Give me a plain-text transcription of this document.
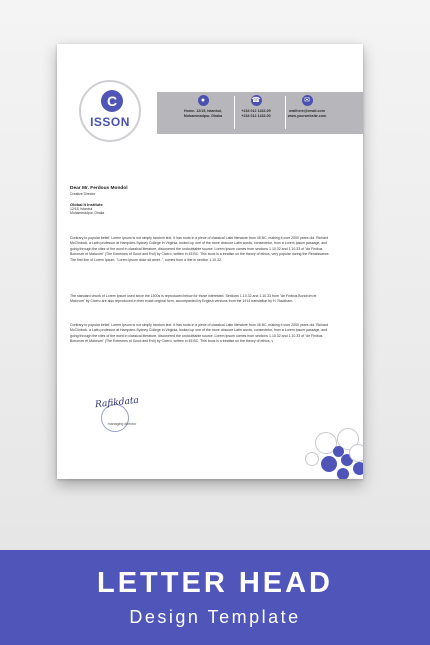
C
ISSON
●
Home- 12/15, Istanbul,
Mohammadpur, Dhaka
☎
+234 012 1432-09
+234 012 1432-00
✉
mailhere@email.com
www.yourwebsite.com
Dear Mr. Ferdous Mondol
Creative Director
Global It Institute
12/15, Istanbul
Mohammadpur, Dhaka

Contrary to popular belief, Lorem Ipsum is not simply random text. It has roots in a piece of classical Latin literature from 45 BC, making it over 2000 years old. Richard McClintock, a Latin professor at Hampden-Sydney College in Virginia, looked up one of the more obscure Latin words, consectetur, from a Lorem Ipsum passage, and going through the cites of the word in classical literature, discovered the undoubtable source. Lorem Ipsum comes from sections 1.10.32 and 1.10.33 of "de Finibus Bonorum et Malorum" (The Extremes of Good and Evil) by Cicero, written in 45 BC. This book is a treatise on the theory of ethics, very popular during the Renaissance. The first line of Lorem Ipsum, "Lorem ipsum dolor sit amet..", comes from a line in section 1.10.32.

The standard chunk of Lorem Ipsum used since the 1500s is reproduced below for those interested. Sections 1.10.32 and 1.10.33 from "de Finibus Bonorum et Malorum" by Cicero are also reproduced in their exact original form, accompanied by English versions from the 1914 translation by H. Rackham.

Contrary to popular belief, Lorem Ipsum is not simply random text. It has roots in a piece of classical Latin literature from 45 BC, making it over 2000 years old. Richard McClintock, a Latin professor at Hampden-Sydney College in Virginia, looked up one of the more obscure Latin words, consectetur, from a Lorem Ipsum passage, and going through the cites of the word in classical literature, discovered the undoubtable source. Lorem Ipsum comes from sections 1.10.32 and 1.10.33 of "de Finibus Bonorum et Malorum" (The Extremes of Good and Evil) by Cicero, written in 45 BC. This book is a treatise on the theory of ethics, v

Rafikdata
managing director
LETTER HEAD
Design Template
